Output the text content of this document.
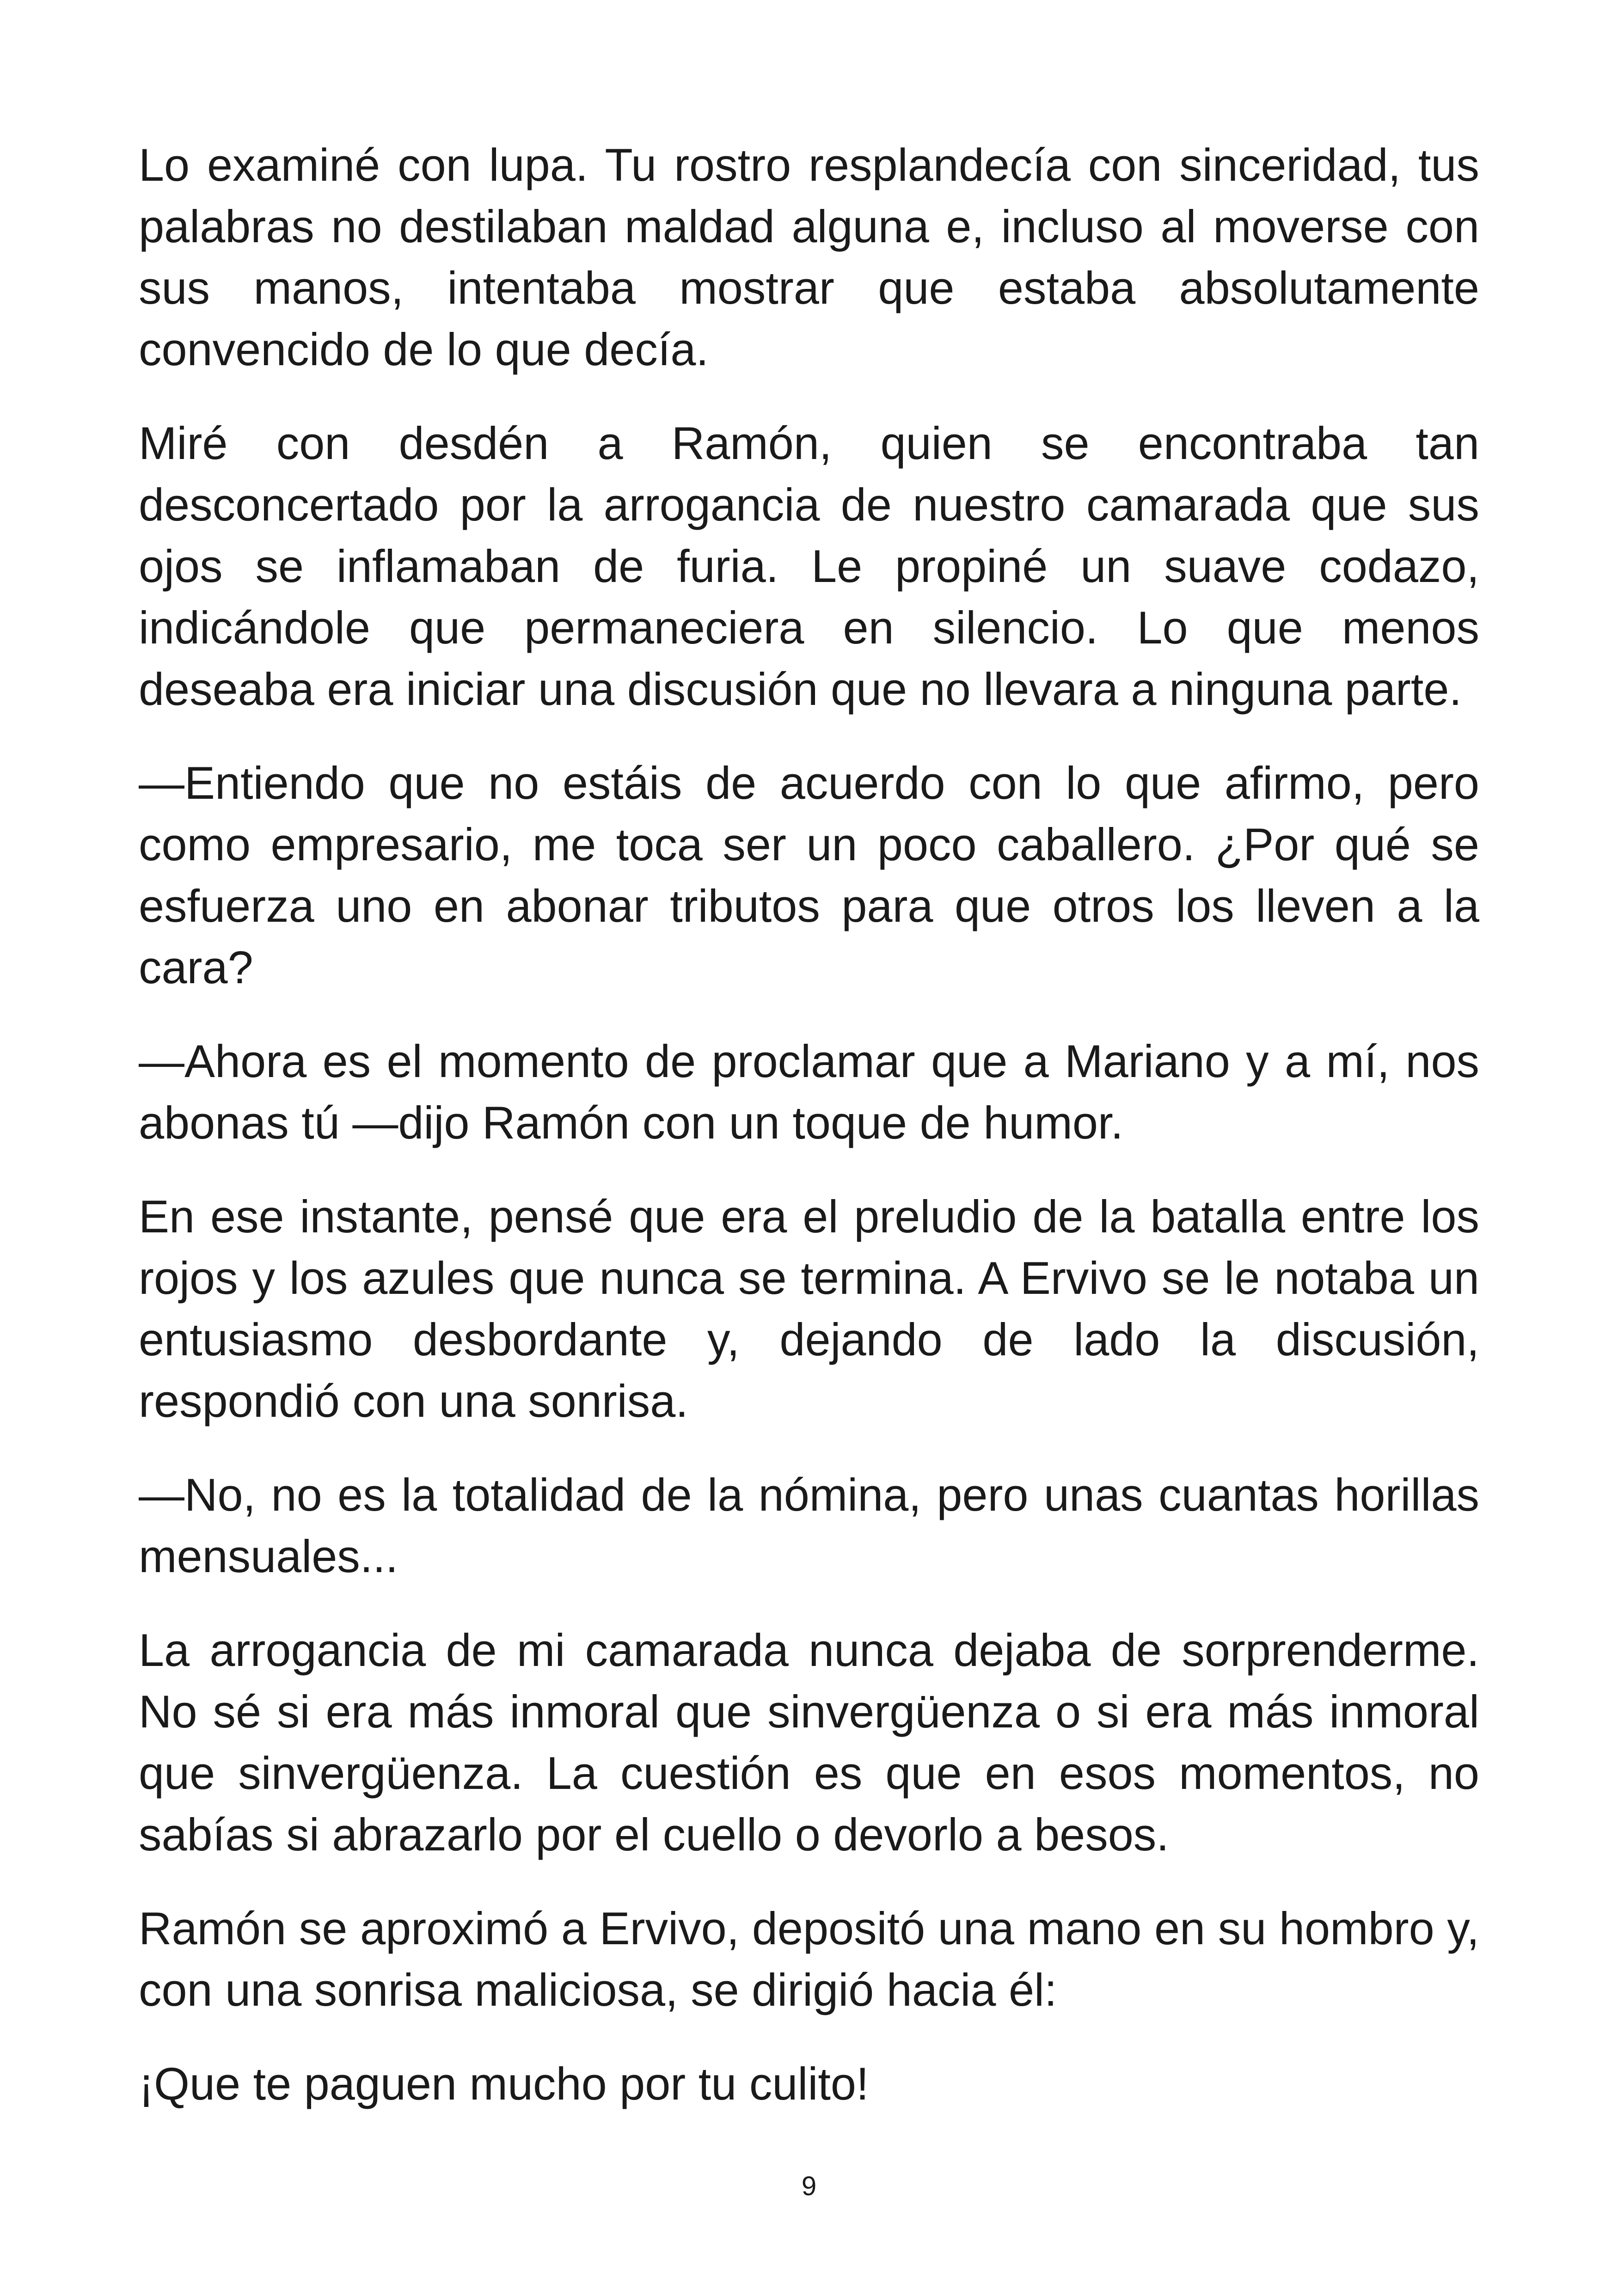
Lo examiné con lupa. Tu rostro resplandecía con sinceridad, tus palabras no destilaban maldad alguna e, incluso al moverse con sus manos, intentaba mostrar que estaba absolutamente convencido de lo que decía.

Miré con desdén a Ramón, quien se encontraba tan desconcertado por la arrogancia de nuestro camarada que sus ojos se inflamaban de furia. Le propiné un suave codazo, indicándole que permaneciera en silencio. Lo que menos deseaba era iniciar una discusión que no llevara a ninguna parte.

—Entiendo que no estáis de acuerdo con lo que afirmo, pero como empresario, me toca ser un poco caballero. ¿Por qué se esfuerza uno en abonar tributos para que otros los lleven a la cara?

—Ahora es el momento de proclamar que a Mariano y a mí, nos abonas tú —dijo Ramón con un toque de humor.

En ese instante, pensé que era el preludio de la batalla entre los rojos y los azules que nunca se termina. A Ervivo se le notaba un entusiasmo desbordante y, dejando de lado la discusión, respondió con una sonrisa.

—No, no es la totalidad de la nómina, pero unas cuantas horillas mensuales...

La arrogancia de mi camarada nunca dejaba de sorprenderme. No sé si era más inmoral que sinvergüenza o si era más inmoral que sinvergüenza. La cuestión es que en esos momentos, no sabías si abrazarlo por el cuello o devorlo a besos.

Ramón se aproximó a Ervivo, depositó una mano en su hombro y, con una sonrisa maliciosa, se dirigió hacia él:

¡Que te paguen mucho por tu culito!

9
